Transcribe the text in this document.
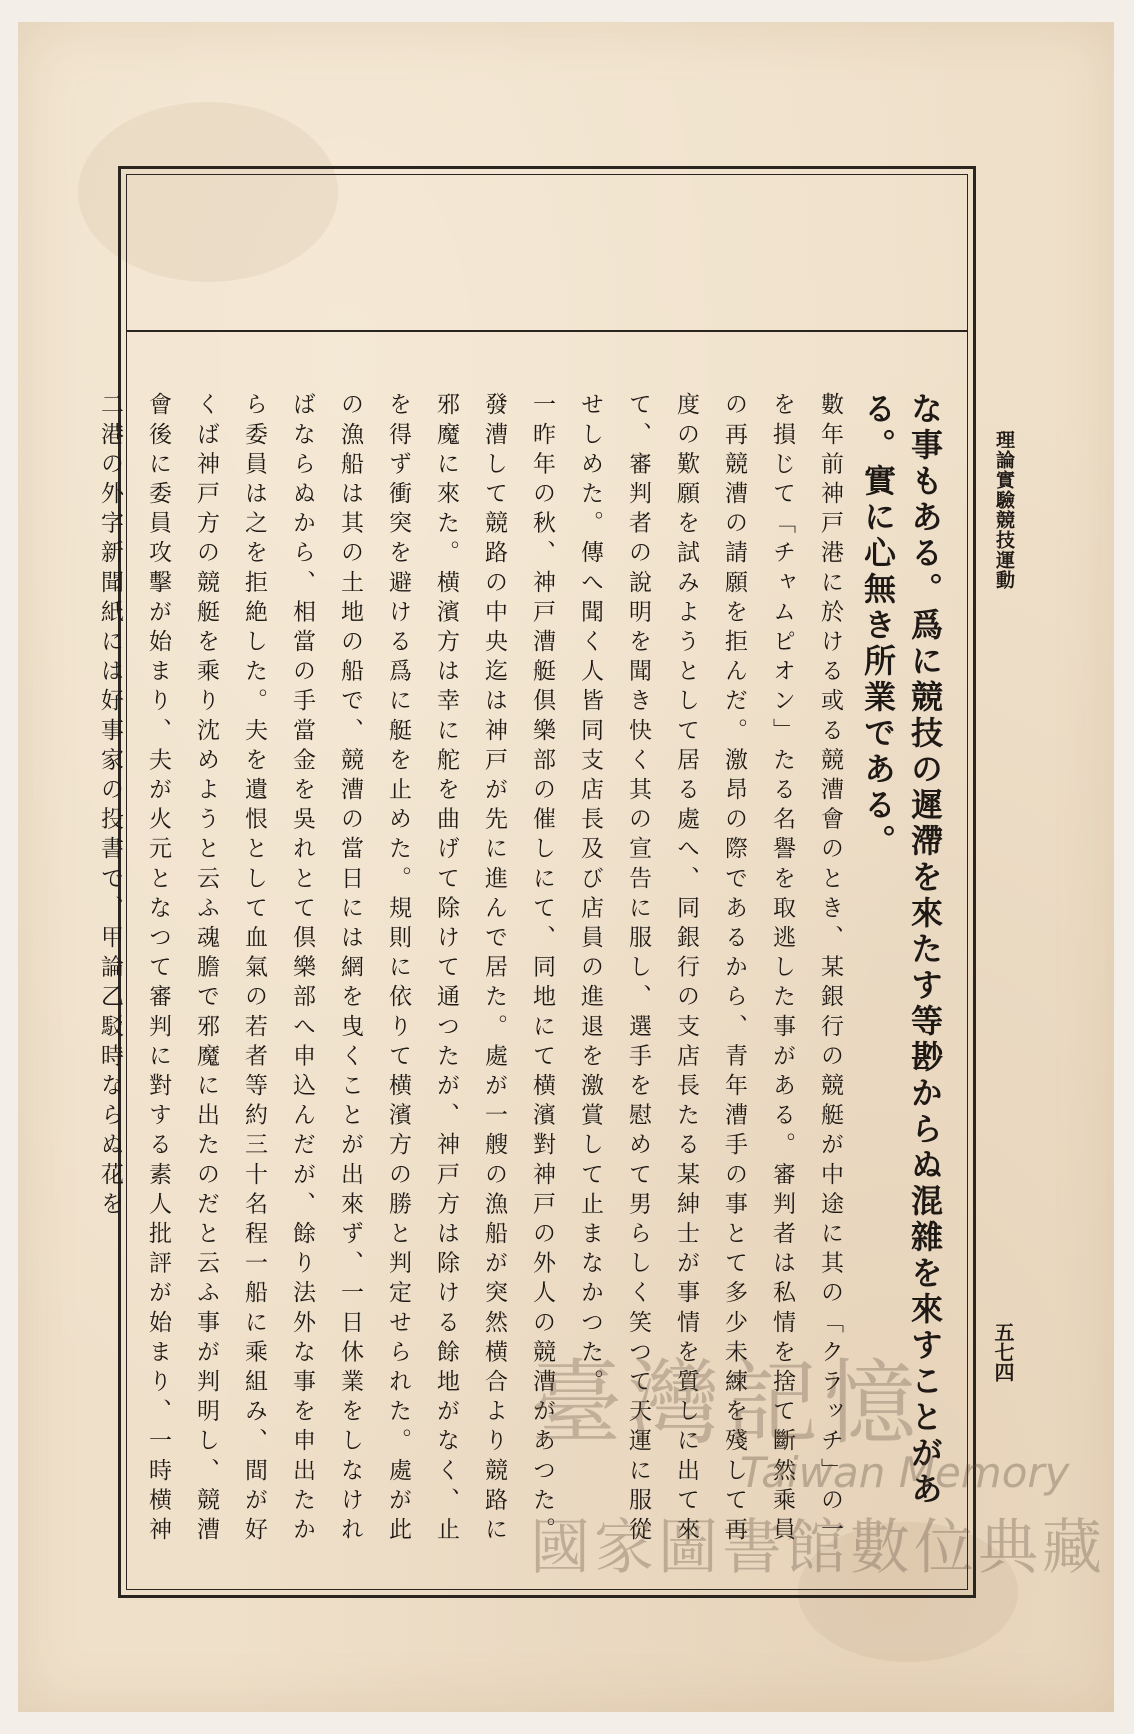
理論實驗競技運動

な事もある。爲に競技の遲滯を來たす等尠からぬ混雜を來すことがある。實に心無き所業である。

數年前神戸港に於ける或る競漕會のとき、某銀行の競艇が中途に其の「クラッチ」の一を損じて「チャムピオン」たる名譽を取逃した事がある。審判者は私情を捨て斷然乘員の再競漕の請願を拒んだ。激昂の際であるから、青年漕手の事とて多少未練を殘して再度の歎願を試みようとして居る處へ、同銀行の支店長たる某紳士が事情を質しに出て來て、審判者の說明を聞き快く其の宣告に服し、選手を慰めて男らしく笑つて天運に服從せしめた。傳へ聞く人皆同支店長及び店員の進退を激賞して止まなかつた。

一昨年の秋、神戸漕艇倶樂部の催しにて、同地にて横濱對神戸の外人の競漕があつた。發漕して競路の中央迄は神戸が先に進んで居た。處が一艘の漁船が突然横合より競路に邪魔に來た。横濱方は幸に舵を曲げて除けて通つたが、神戸方は除ける餘地がなく、止を得ず衝突を避ける爲に艇を止めた。規則に依りて横濱方の勝と判定せられた。處が此の漁船は其の土地の船で、競漕の當日には網を曳くことが出來ず、一日休業をしなければならぬから、相當の手當金を吳れとて倶樂部へ申込んだが、餘り法外な事を申出たから委員は之を拒絶した。夫を遺恨として血氣の若者等約三十名程一船に乘組み、間が好くば神戸方の競艇を乘り沈めようと云ふ魂膽で邪魔に出たのだと云ふ事が判明し、競漕會後に委員攻擊が始まり、夫が火元となつて審判に對する素人批評が始まり、一時横神二港の外字新聞紙には好事家の投書で、甲論乙駁時ならぬ花を

五七四
臺灣記憶
Taiwan Memory
國家圖書館數位典藏
